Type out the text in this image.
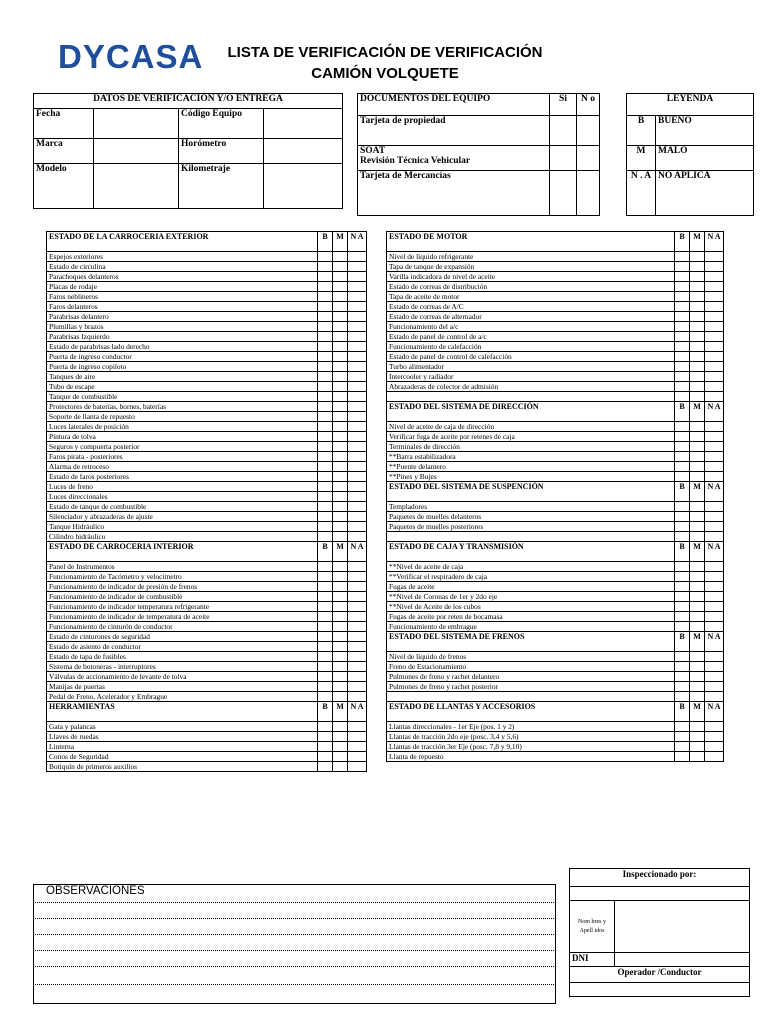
DYCASA	LISTA DE VERIFICACIÓN DE VERIFICACIÓN
CAMIÓN VOLQUETE
DATOS DE VERIFICACIÓN Y/O ENTREGA			
Fecha		Código Equipo	
Marca		Horómetro	
Modelo		Kilometraje	
DOCUMENTOS DEL EQUIPO	Si	N o
Tarjeta de propiedad		

SOAT
Revisión Técnica Vehicular		

Tarjeta de Mercancías		
LEYENDA	
B	BUENO
M	MALO
N . A	NO APLICA
ESTADO DE LA CARROCERIA EXTERIOR	B	M	N A
Espejos exteriores			
Estado de circulina			
Parachoques delanteros			
Placas de rodaje			
Faros neblineros			
Faros delanteros			
Parabrisas delantero			
Plumillas y brazos			
Parabrisas Izquierdo			
Estado de parabrisas lado derecho			
Puerta de ingreso conductor			
Puerta de ingreso copiloto			
Tanques de aire			
Tubo de escape			
Tanque de combustible			
Protectores de baterías, bornes, baterías			
Soporte de llanta de repuesto			
Luces laterales de posición			
Pintura de tolva			
Seguros y compuerta posterior			
Faros pirata - posteriores			
Alarma de retroceso			
Estado de faros posteriores			
Luces de freno			
Luces direccionales			
Estado de tanque de combustible			
Silenciador y abrazaderas de ajuste			
Tanque Hidráulico			
Cilindro hidráulico			
ESTADO DE CARROCERIA INTERIOR	B	M	N A
Panel de Instrumentos			
Funcionamiento de Tacómetro y velocímetro			
Funcionamiento de indicador de presión de frenos			
Funcionamiento de indicador de combustible			
Funcionamiento de indicador temperatura refrigerante			
Funcionamiento de indicador de temperatura de aceite			
Funcionamiento de cinturón de conductor			
Estado de cinturones de seguridad			
Estado de asiento de conductor			
Estado de tapa de fusibles			
Sistema de botoneras - interruptores			
Válvulas de accionamiento de levante de tolva			
Manijas de puertas			
Pedal de Freno, Acelerador y Embrague			
HERRAMIENTAS	B	M	N A
Gata y palancas			
Llaves de ruedas			
Linterna			
Conos de Seguridad			
Botiquín de primeros auxilios			
ESTADO DE MOTOR	B	M	N A
Nivel de liquido refrigerante			
Tapa de tanque de expansión			
Varilla indicadora de nivel de aceite			
Estado de correas de distribución			
Tapa de aceite de motor			
Estado de correas de A/C			
Estado de correas de alternador			
Funcionamiento del a/c			
Estado de panel de control de a/c			
Funcionamiento de calefacción			
Estado de panel de control de calefacción			
Turbo alimentador			
Intercooler y radiador			
Abrazaderas de colector de admisión			

ESTADO DEL SISTEMA DE DIRECCIÓN	B	M	N A
Nivel de aceite de caja de dirección			
Verificar fuga de aceite por retenes de caja			
Terminales de dirección			
**Barra estabilizadora			
**Puente delantero			
**Pines y Bujes			
ESTADO DEL SISTEMA DE SUSPENCIÓN	B	M	N A
Templadores			
Paquetes de muelles delanteros			
Paquetes de muelles posteriores			

ESTADO DE CAJA Y TRANSMISIÓN	B	M	N A
**Nivel de aceite de caja			
**Verificar el respiradero de caja			
Fugas de aceite			
**Nivel de Coronas de 1er y 2do eje			
**Nivel de Aceite de los cubos			
Fugas de aceite por reten de bocamasa			
Funcionamiento de embrague			
ESTADO DEL SISTEMA DE FRENOS	B	M	N A
Nivel de líquido de frenos			
Freno de Estacionamiento			
Pulmones de freno y rachet delantero			
Pulmones de freno y rachet posterior			

ESTADO DE LLANTAS Y ACCESORIOS	B	M	N A
Llantas direccionales - 1er Eje (pos. 1 y 2)			
Llantas de tracción 2do eje (posc. 3,4 y 5,6)			
Llantas de tracción 3er Eje (posc. 7,8 y 9,10)			
Llanta de repuesto			
OBSERVACIONES
Inspeccionado por:	

Nom bres y Apell idos	
DNI	
Operador /Conductor	
